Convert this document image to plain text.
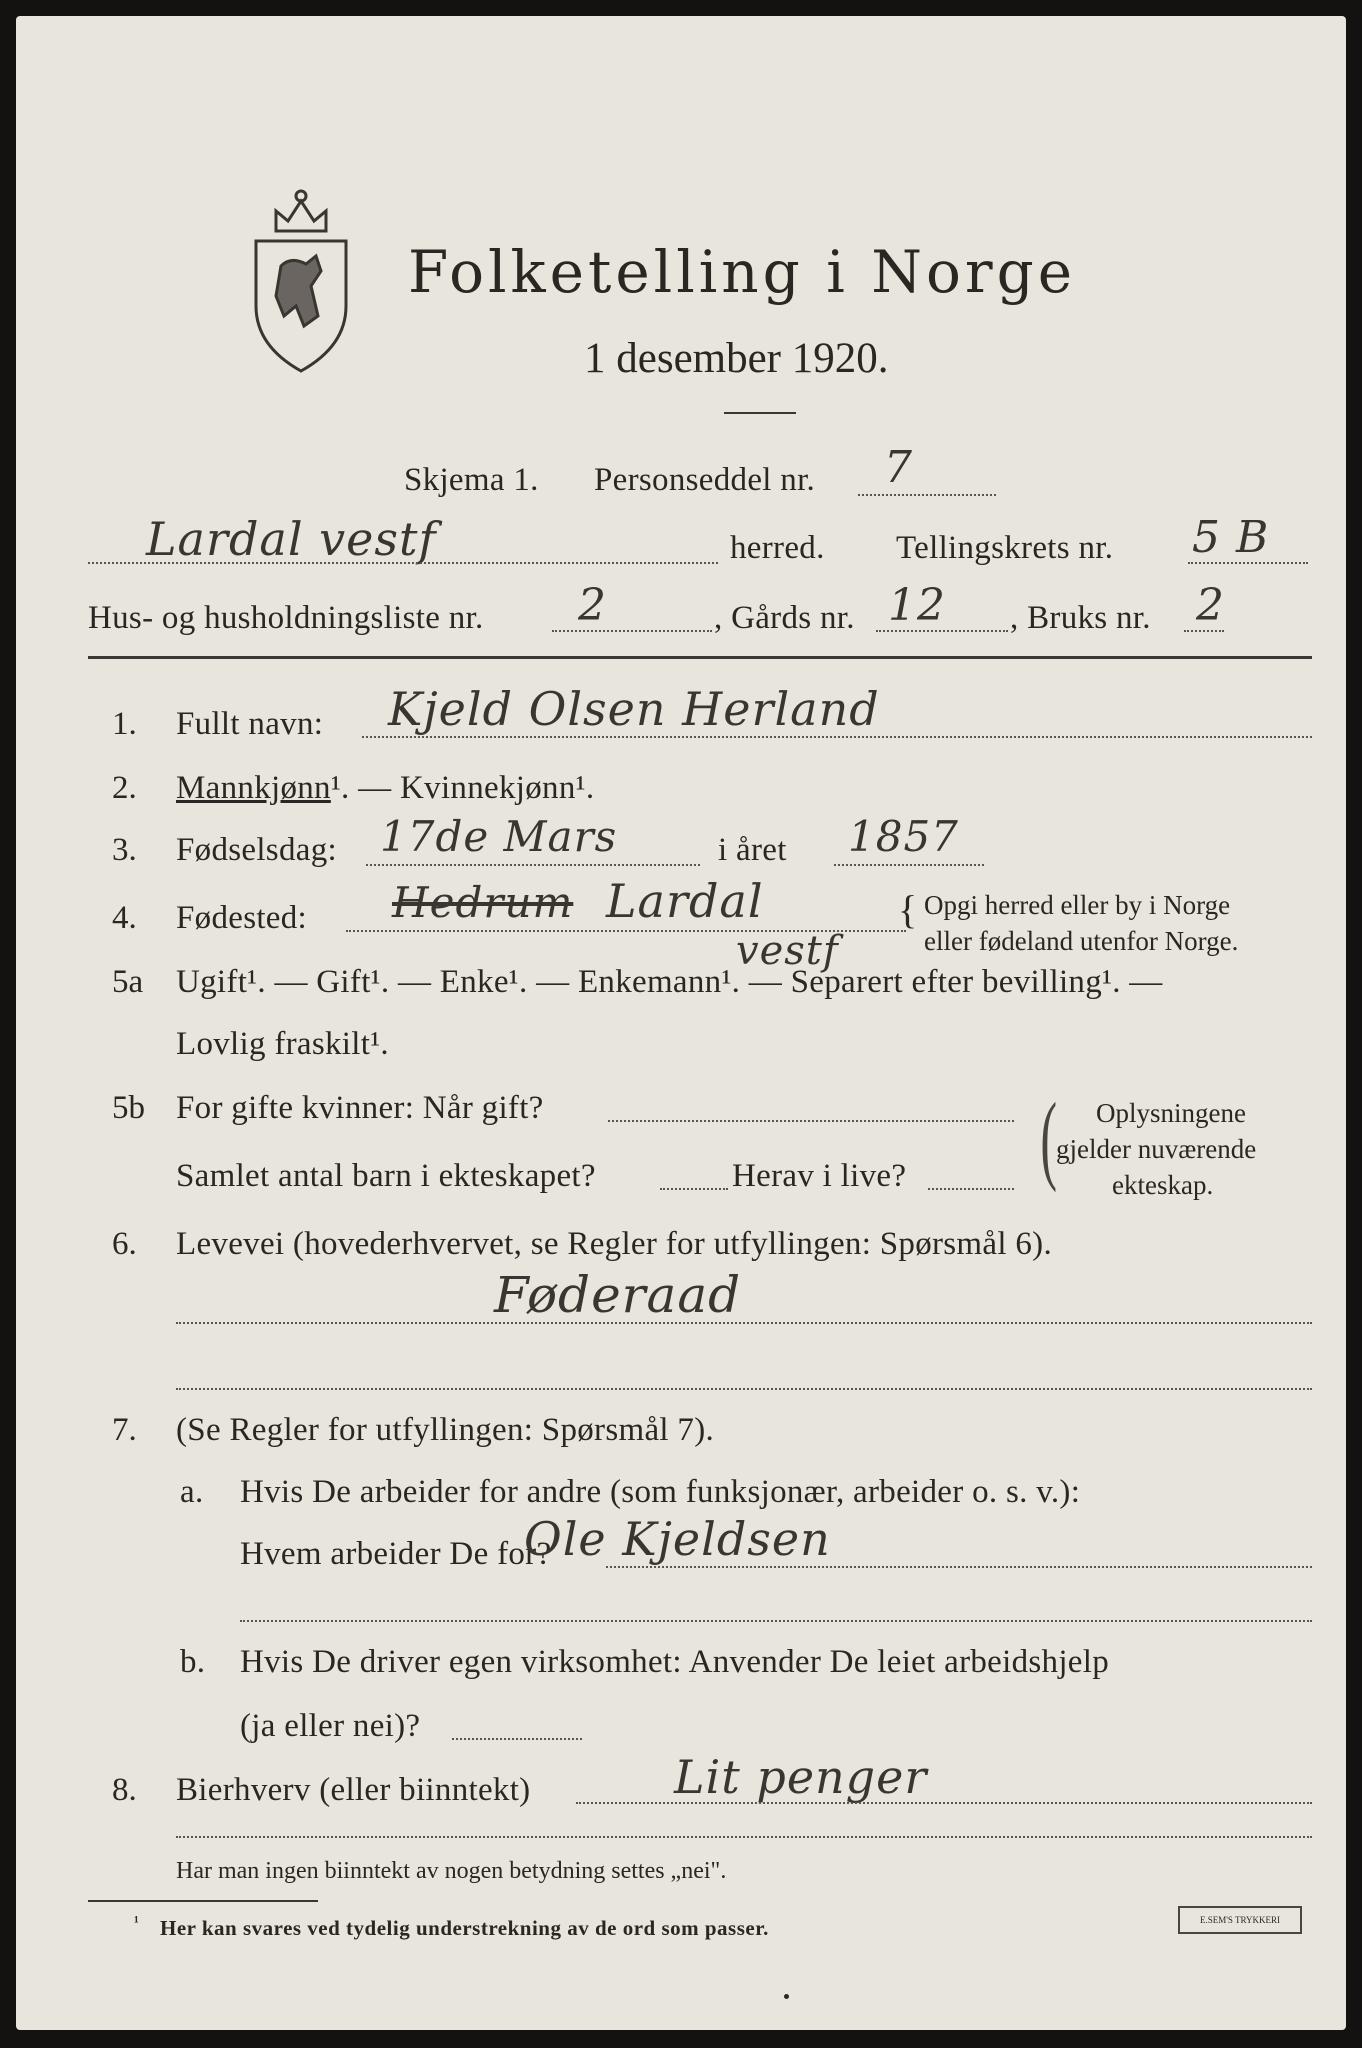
Folketelling i Norge
1 desember 1920.
Skjema 1. Personseddel nr. 7
Lardal vestf	herred. Tellingskrets nr. 5 B
Hus- og husholdningsliste nr. 2	, Gårds nr. 12 , Bruks nr. 2
1. Fullt navn: Kjeld Olsen Herland
2. Mannkjønn¹. — Kvinnekjønn¹.
3. Fødselsdag: 17de Mars	i året 1857
4. Fødested: Hedrum Lardal
vestf
{ Opgi herred eller by i Norge
eller fødeland utenfor Norge.
5a Ugift¹. — Gift¹. — Enke¹. — Enkemann¹. — Separert efter bevilling¹. —
Lovlig fraskilt¹.
5b For gifte kvinner: Når gift?
Samlet antal barn i ekteskapet?	Herav i live? ( Oplysningene
gjelder nuværende
ekteskap.
6. Levevei (hovederhvervet, se Regler for utfyllingen: Spørsmål 6).
Føderaad
7. (Se Regler for utfyllingen: Spørsmål 7).
a. Hvis De arbeider for andre (som funksjonær, arbeider o. s. v.):
Hvem arbeider De for?
Ole Kjeldsen
b. Hvis De driver egen virksomhet: Anvender De leiet arbeidshjelp
(ja eller nei)?
8. Bierhverv (eller biinntekt)	Lit penger
Har man ingen biinntekt av nogen betydning settes „nei".
¹ Her kan svares ved tydelig understrekning av de ord som passer.	E.SEM'S TRYKKERI
